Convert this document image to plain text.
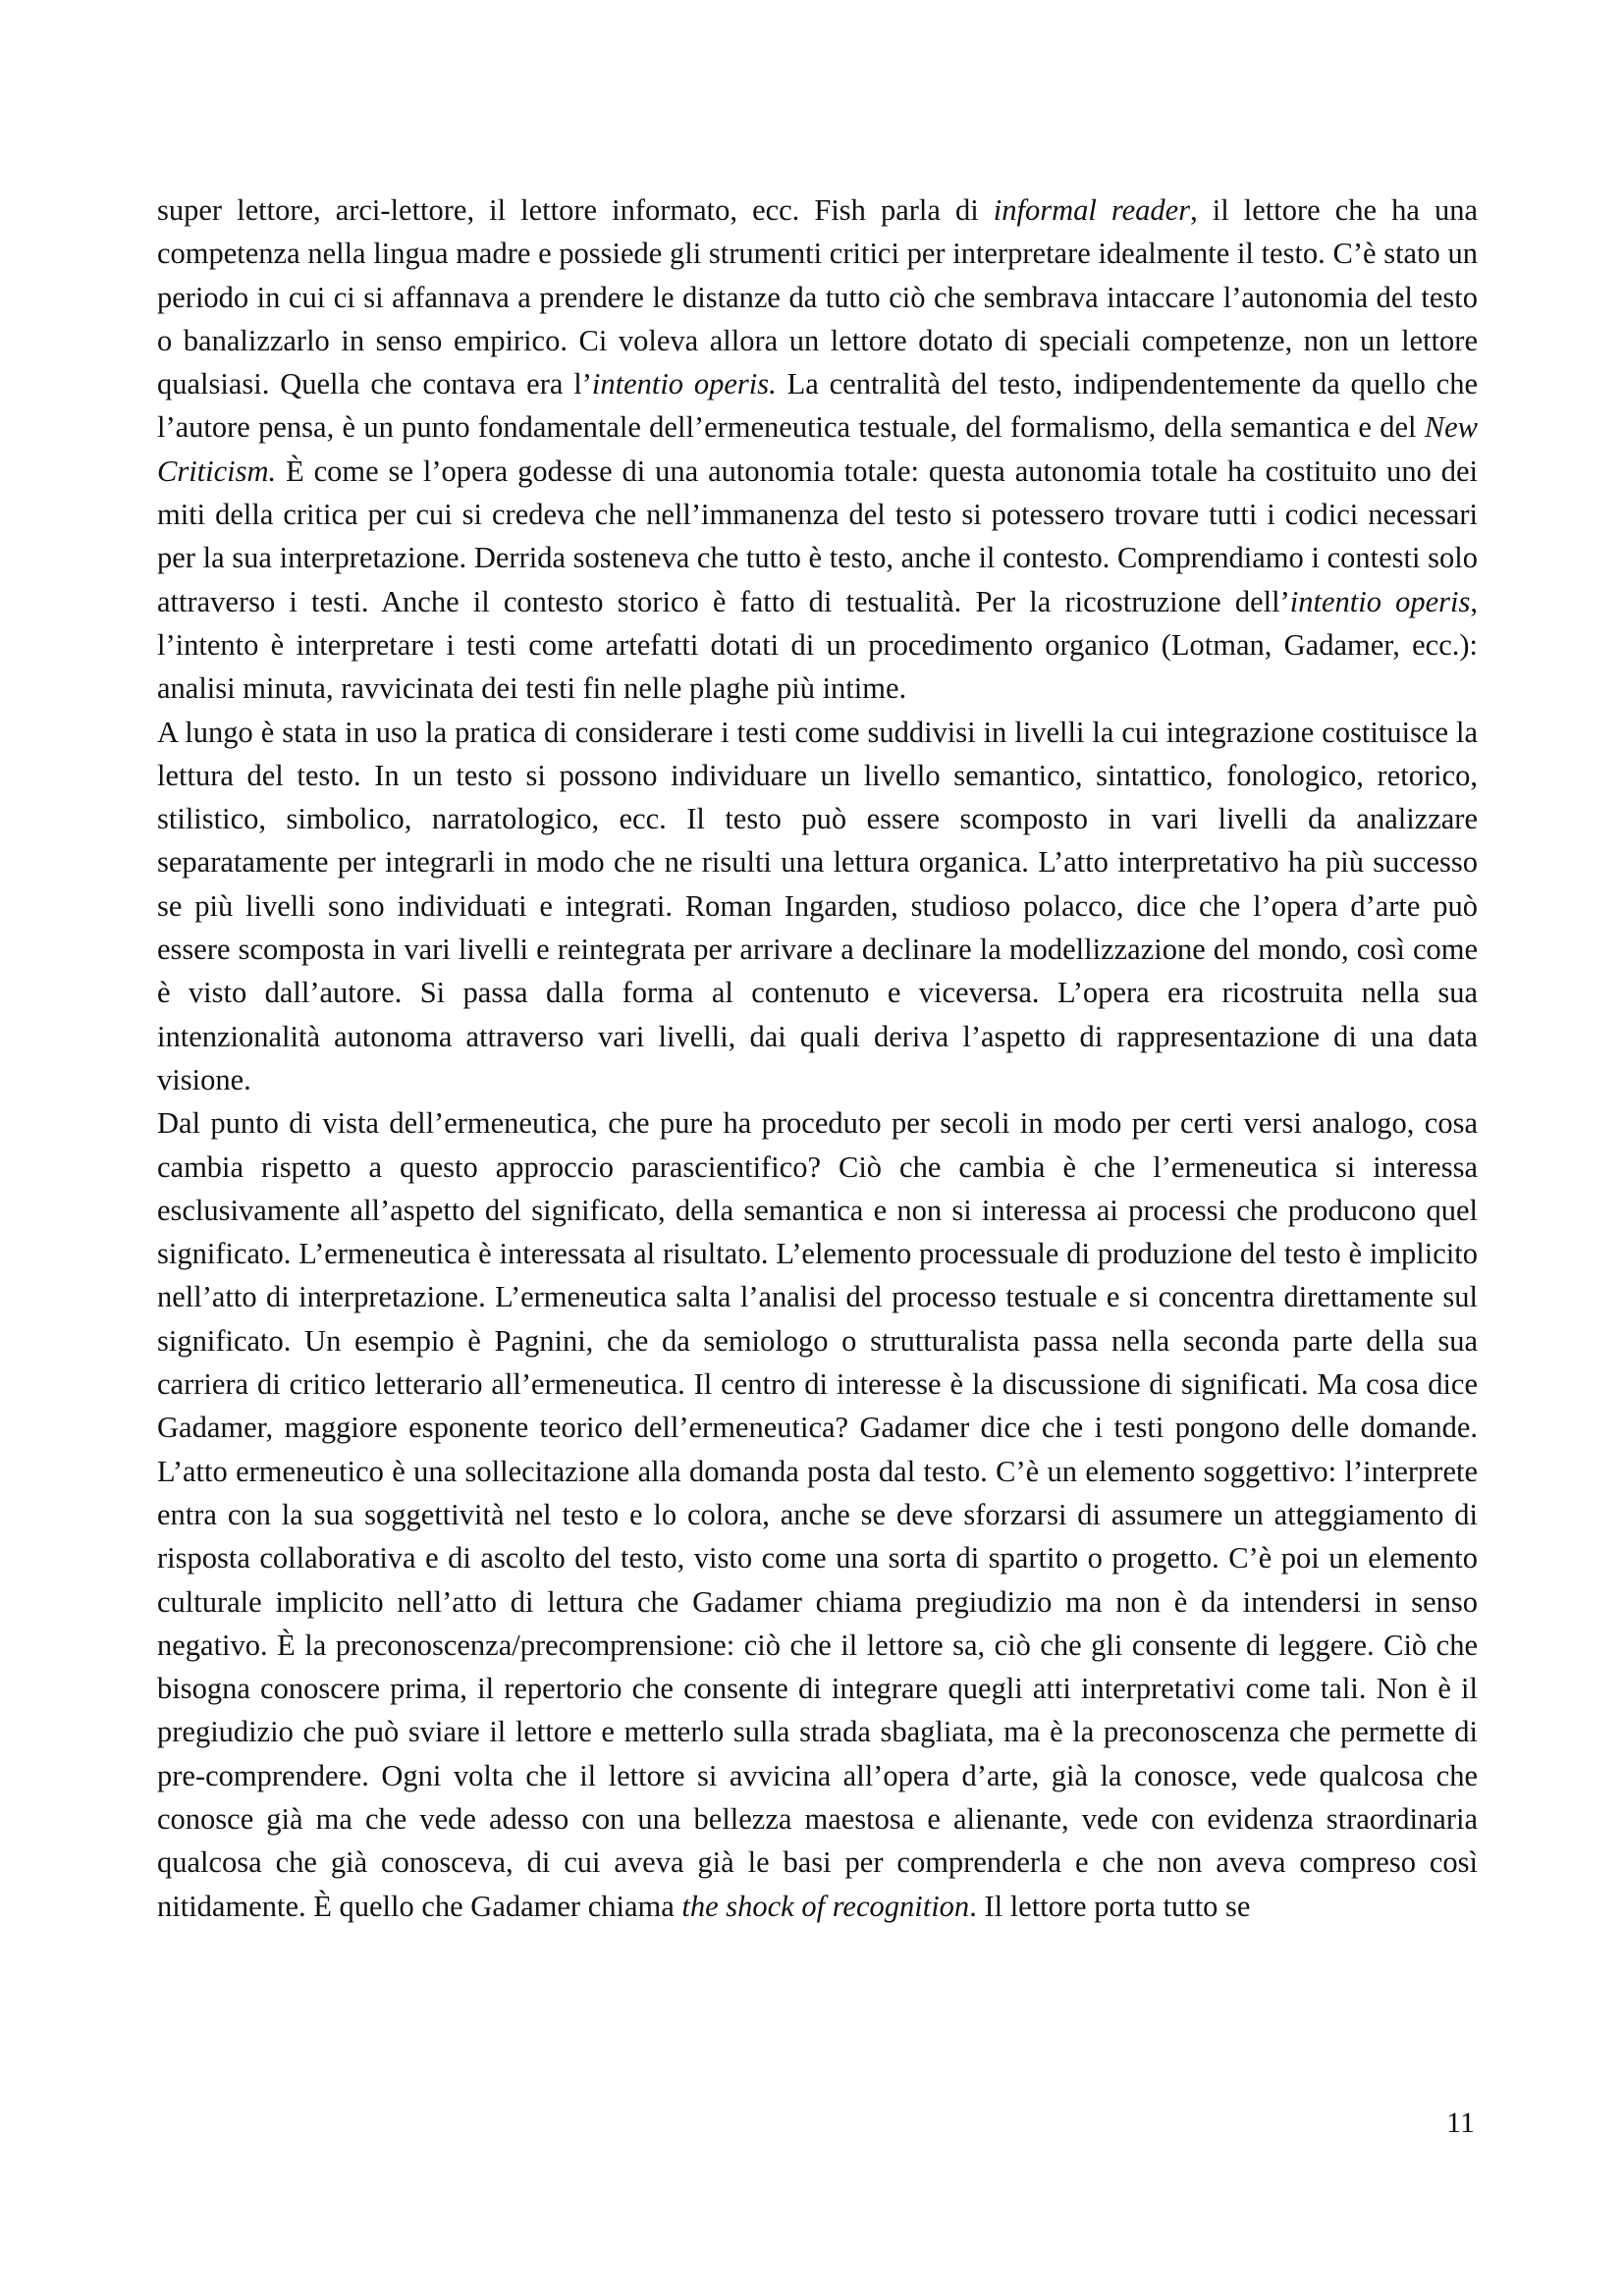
super lettore, arci-lettore, il lettore informato, ecc. Fish parla di informal reader, il lettore che ha una competenza nella lingua madre e possiede gli strumenti critici per interpretare idealmente il testo. C’è stato un periodo in cui ci si affannava a prendere le distanze da tutto ciò che sembrava intaccare l’autonomia del testo o banalizzarlo in senso empirico. Ci voleva allora un lettore dotato di speciali competenze, non un lettore qualsiasi. Quella che contava era l’intentio operis. La centralità del testo, indipendentemente da quello che l’autore pensa, è un punto fondamentale dell’ermeneutica testuale, del formalismo, della semantica e del New Criticism. È come se l’opera godesse di una autonomia totale: questa autonomia totale ha costituito uno dei miti della critica per cui si credeva che nell’immanenza del testo si potessero trovare tutti i codici necessari per la sua interpretazione. Derrida sosteneva che tutto è testo, anche il contesto. Comprendiamo i contesti solo attraverso i testi. Anche il contesto storico è fatto di testualità. Per la ricostruzione dell’intentio operis, l’intento è interpretare i testi come artefatti dotati di un procedimento organico (Lotman, Gadamer, ecc.): analisi minuta, ravvicinata dei testi fin nelle plaghe più intime.

A lungo è stata in uso la pratica di considerare i testi come suddivisi in livelli la cui integrazione costituisce la lettura del testo. In un testo si possono individuare un livello semantico, sintattico, fonologico, retorico, stilistico, simbolico, narratologico, ecc. Il testo può essere scomposto in vari livelli da analizzare separatamente per integrarli in modo che ne risulti una lettura organica. L’atto interpretativo ha più successo se più livelli sono individuati e integrati. Roman Ingarden, studioso polacco, dice che l’opera d’arte può essere scomposta in vari livelli e reintegrata per arrivare a declinare la modellizzazione del mondo, così come è visto dall’autore. Si passa dalla forma al contenuto e viceversa. L’opera era ricostruita nella sua intenzionalità autonoma attraverso vari livelli, dai quali deriva l’aspetto di rappresentazione di una data visione.

Dal punto di vista dell’ermeneutica, che pure ha proceduto per secoli in modo per certi versi analogo, cosa cambia rispetto a questo approccio parascientifico? Ciò che cambia è che l’ermeneutica si interessa esclusivamente all’aspetto del significato, della semantica e non si interessa ai processi che producono quel significato. L’ermeneutica è interessata al risultato. L’elemento processuale di produzione del testo è implicito nell’atto di interpretazione. L’ermeneutica salta l’analisi del processo testuale e si concentra direttamente sul significato. Un esempio è Pagnini, che da semiologo o strutturalista passa nella seconda parte della sua carriera di critico letterario all’ermeneutica. Il centro di interesse è la discussione di significati. Ma cosa dice Gadamer, maggiore esponente teorico dell’ermeneutica? Gadamer dice che i testi pongono delle domande. L’atto ermeneutico è una sollecitazione alla domanda posta dal testo. C’è un elemento soggettivo: l’interprete entra con la sua soggettività nel testo e lo colora, anche se deve sforzarsi di assumere un atteggiamento di risposta collaborativa e di ascolto del testo, visto come una sorta di spartito o progetto. C’è poi un elemento culturale implicito nell’atto di lettura che Gadamer chiama pregiudizio ma non è da intendersi in senso negativo. È la preconoscenza/precomprensione: ciò che il lettore sa, ciò che gli consente di leggere. Ciò che bisogna conoscere prima, il repertorio che consente di integrare quegli atti interpretativi come tali. Non è il pregiudizio che può sviare il lettore e metterlo sulla strada sbagliata, ma è la preconoscenza che permette di pre-comprendere. Ogni volta che il lettore si avvicina all’opera d’arte, già la conosce, vede qualcosa che conosce già ma che vede adesso con una bellezza maestosa e alienante, vede con evidenza straordinaria qualcosa che già conosceva, di cui aveva già le basi per comprenderla e che non aveva compreso così nitidamente. È quello che Gadamer chiama the shock of recognition. Il lettore porta tutto se

11
